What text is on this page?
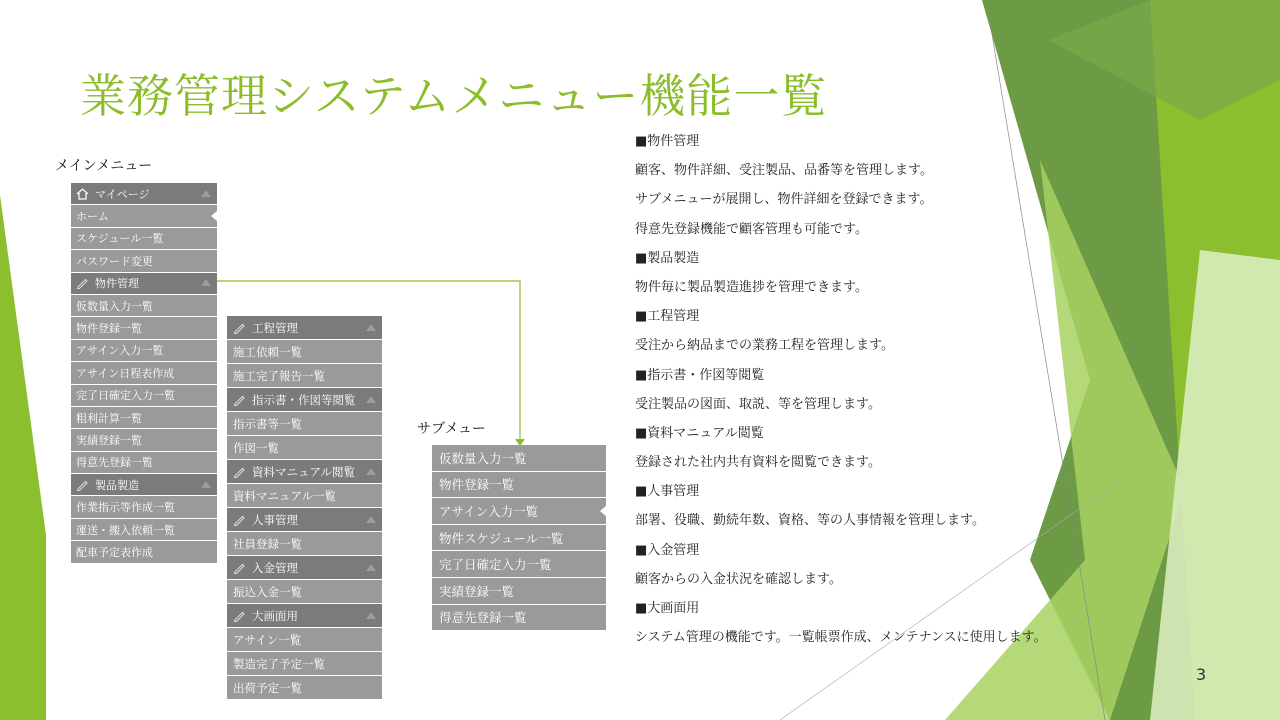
業務管理システムメニュー機能一覧
メインメニュー
サブメュー
マイページ
ホーム
スケジュール一覧
パスワード変更
物件管理
仮数量入力一覧
物件登録一覧
アサイン入力一覧
アサイン日程表作成
完了日確定入力一覧
粗利計算一覧
実績登録一覧
得意先登録一覧
製品製造
作業指示等作成一覧
運送・搬入依頼一覧
配車予定表作成
工程管理
施工依頼一覧
施工完了報告一覧
指示書・作図等閲覧
指示書等一覧
作図一覧
資料マニュアル閲覧
資料マニュアル一覧
人事管理
社員登録一覧
入金管理
振込入金一覧
大画面用
アサイン一覧
製造完了予定一覧
出荷予定一覧
仮数量入力一覧
物件登録一覧
アサイン入力一覧
物件スケジュール一覧
完了日確定入力一覧
実績登録一覧
得意先登録一覧
■物件管理
顧客、物件詳細、受注製品、品番等を管理します。
サブメニューが展開し、物件詳細を登録できます。
得意先登録機能で顧客管理も可能です。
■製品製造
物件毎に製品製造進捗を管理できます。
■工程管理
受注から納品までの業務工程を管理します。
■指示書・作図等閲覧
受注製品の図面、取説、等を管理します。
■資料マニュアル閲覧
登録された社内共有資料を閲覧できます。
■人事管理
部署、役職、勤続年数、資格、等の人事情報を管理します。
■入金管理
顧客からの入金状況を確認します。
■大画面用
システム管理の機能です。一覧帳票作成、メンテナンスに使用します。
3
